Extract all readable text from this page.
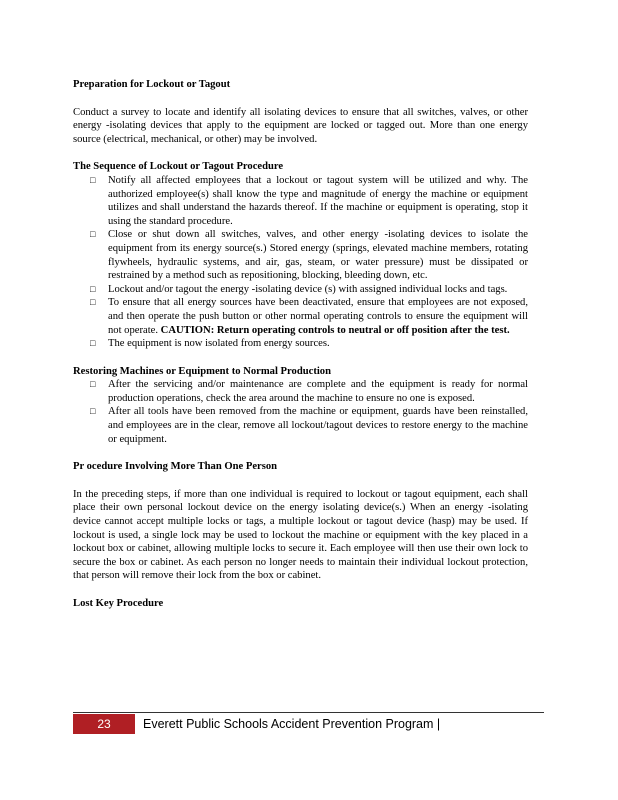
Preparation for Lockout or Tagout

Conduct a survey to locate and identify all isolating devices to ensure that all switches, valves, or other energy -isolating devices that apply to the equipment are locked or tagged out. More than one energy source (electrical, mechanical, or other) may be involved.

The Sequence of Lockout or Tagout Procedure

□ Notify all affected employees that a lockout or tagout system will be utilized and why. The authorized employee(s) shall know the type and magnitude of energy the machine or equipment utilizes and shall understand the hazards thereof. If the machine or equipment is operating, stop it using the standard procedure.
□ Close or shut down all switches, valves, and other energy -isolating devices to isolate the equipment from its energy source(s.) Stored energy (springs, elevated machine members, rotating flywheels, hydraulic systems, and air, gas, steam, or water pressure) must be dissipated or restrained by a method such as repositioning, blocking, bleeding down, etc.
□ Lockout and/or tagout the energy -isolating device (s) with assigned individual locks and tags.
□ To ensure that all energy sources have been deactivated, ensure that employees are not exposed, and then operate the push button or other normal operating controls to ensure the equipment will not operate. CAUTION: Return operating controls to neutral or off position after the test.
□ The equipment is now isolated from energy sources.

Restoring Machines or Equipment to Normal Production

□ After the servicing and/or maintenance are complete and the equipment is ready for normal production operations, check the area around the machine to ensure no one is exposed.
□ After all tools have been removed from the machine or equipment, guards have been reinstalled, and employees are in the clear, remove all lockout/tagout devices to restore energy to the machine or equipment.

Pr ocedure Involving More Than One Person

In the preceding steps, if more than one individual is required to lockout or tagout equipment, each shall place their own personal lockout device on the energy isolating device(s.) When an energy -isolating device cannot accept multiple locks or tags, a multiple lockout or tagout device (hasp) may be used. If lockout is used, a single lock may be used to lockout the machine or equipment with the key placed in a lockout box or cabinet, allowing multiple locks to secure it. Each employee will then use their own lock to secure the box or cabinet. As each person no longer needs to maintain their individual lockout protection, that person will remove their lock from the box or cabinet.

Lost Key Procedure

23	Everett Public Schools Accident Prevention Program |
